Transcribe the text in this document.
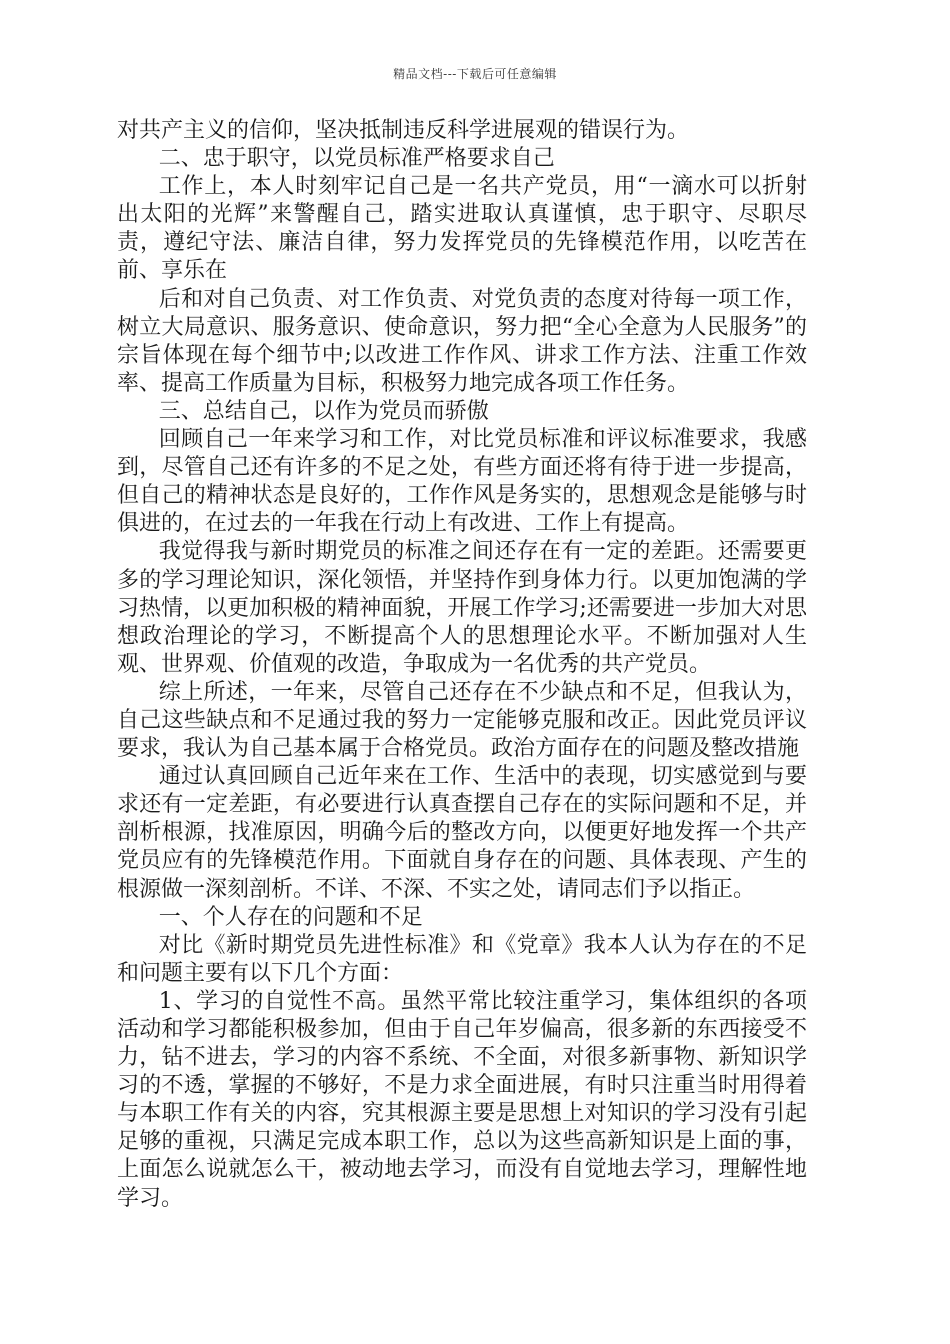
精品文档---下载后可任意编辑

对共产主义的信仰，坚决抵制违反科学进展观的错误行为。

二、忠于职守，以党员标准严格要求自己

工作上，本人时刻牢记自己是一名共产党员，用“一滴水可以折射出太阳的光辉”来警醒自己，踏实进取认真谨慎，忠于职守、尽职尽责，遵纪守法、廉洁自律，努力发挥党员的先锋模范作用，以吃苦在前、享乐在

后和对自己负责、对工作负责、对党负责的态度对待每一项工作，树立大局意识、服务意识、使命意识，努力把“全心全意为人民服务”的宗旨体现在每个细节中;以改进工作作风、讲求工作方法、注重工作效率、提高工作质量为目标，积极努力地完成各项工作任务。

三、总结自己，以作为党员而骄傲

回顾自己一年来学习和工作，对比党员标准和评议标准要求，我感到，尽管自己还有许多的不足之处，有些方面还将有待于进一步提高，但自己的精神状态是良好的，工作作风是务实的，思想观念是能够与时俱进的，在过去的一年我在行动上有改进、工作上有提高。

我觉得我与新时期党员的标准之间还存在有一定的差距。还需要更多的学习理论知识，深化领悟，并坚持作到身体力行。以更加饱满的学习热情，以更加积极的精神面貌，开展工作学习;还需要进一步加大对思想政治理论的学习，不断提高个人的思想理论水平。不断加强对人生观、世界观、价值观的改造，争取成为一名优秀的共产党员。

综上所述，一年来，尽管自己还存在不少缺点和不足，但我认为，自己这些缺点和不足通过我的努力一定能够克服和改正。因此党员评议要求，我认为自己基本属于合格党员。政治方面存在的问题及整改措施

通过认真回顾自己近年来在工作、生活中的表现，切实感觉到与要求还有一定差距，有必要进行认真查摆自己存在的实际问题和不足，并剖析根源，找准原因，明确今后的整改方向，以便更好地发挥一个共产党员应有的先锋模范作用。下面就自身存在的问题、具体表现、产生的根源做一深刻剖析。不详、不深、不实之处，请同志们予以指正。

一、个人存在的问题和不足

对比《新时期党员先进性标准》和《党章》我本人认为存在的不足和问题主要有以下几个方面：

1、学习的自觉性不高。虽然平常比较注重学习，集体组织的各项活动和学习都能积极参加，但由于自己年岁偏高，很多新的东西接受不力，钻不进去，学习的内容不系统、不全面，对很多新事物、新知识学习的不透，掌握的不够好，不是力求全面进展，有时只注重当时用得着与本职工作有关的内容，究其根源主要是思想上对知识的学习没有引起足够的重视，只满足完成本职工作，总以为这些高新知识是上面的事，上面怎么说就怎么干，被动地去学习，而没有自觉地去学习，理解性地学习。
